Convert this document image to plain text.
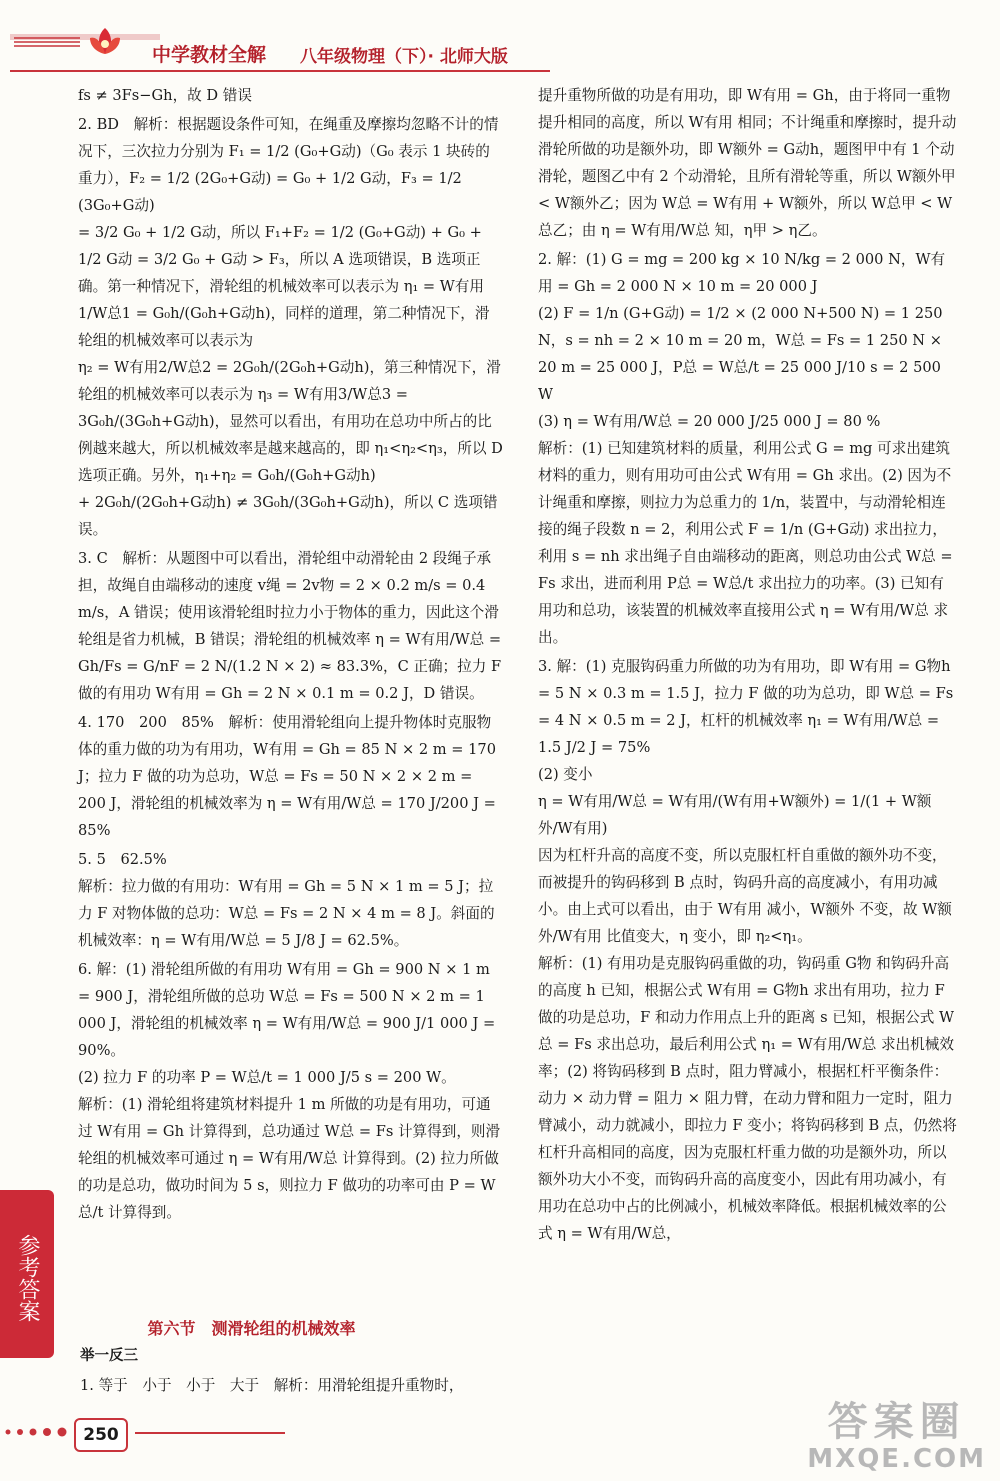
中学教材全解 八年级物理（下）· 北师大版

fs ≠ 3Fs−Gh，故 D 错误

2. BD　解析：根据题设条件可知，在绳重及摩擦均忽略不计的情况下，三次拉力分别为 F₁ = 1/2 (G₀+G动)（G₀ 表示 1 块砖的重力），F₂ = 1/2 (2G₀+G动) = G₀ + 1/2 G动，F₃ = 1/2 (3G₀+G动)

= 3/2 G₀ + 1/2 G动，所以 F₁+F₂ = 1/2 (G₀+G动) + G₀ + 1/2 G动 = 3/2 G₀ + G动 > F₃，所以 A 选项错误，B 选项正确。第一种情况下，滑轮组的机械效率可以表示为 η₁ = W有用1/W总1 = G₀h/(G₀h+G动h)，同样的道理，第二种情况下，滑轮组的机械效率可以表示为

η₂ = W有用2/W总2 = 2G₀h/(2G₀h+G动h)，第三种情况下，滑轮组的机械效率可以表示为 η₃ = W有用3/W总3 = 3G₀h/(3G₀h+G动h)，显然可以看出，有用功在总功中所占的比例越来越大，所以机械效率是越来越高的，即 η₁<η₂<η₃，所以 D 选项正确。另外，η₁+η₂ = G₀h/(G₀h+G动h)

+ 2G₀h/(2G₀h+G动h) ≠ 3G₀h/(3G₀h+G动h)，所以 C 选项错误。

3. C　解析：从题图中可以看出，滑轮组中动滑轮由 2 段绳子承担，故绳自由端移动的速度 v绳 = 2v物 = 2 × 0.2 m/s = 0.4 m/s，A 错误；使用该滑轮组时拉力小于物体的重力，因此这个滑轮组是省力机械，B 错误；滑轮组的机械效率 η = W有用/W总 = Gh/Fs = G/nF = 2 N/(1.2 N × 2) ≈ 83.3%，C 正确；拉力 F 做的有用功 W有用 = Gh = 2 N × 0.1 m = 0.2 J，D 错误。

4. 170　200　85%　解析：使用滑轮组向上提升物体时克服物体的重力做的功为有用功，W有用 = Gh = 85 N × 2 m = 170 J；拉力 F 做的功为总功，W总 = Fs = 50 N × 2 × 2 m = 200 J，滑轮组的机械效率为 η = W有用/W总 = 170 J/200 J = 85%

5. 5　62.5%

解析：拉力做的有用功：W有用 = Gh = 5 N × 1 m = 5 J；拉力 F 对物体做的总功：W总 = Fs = 2 N × 4 m = 8 J。斜面的机械效率：η = W有用/W总 = 5 J/8 J = 62.5%。

6. 解：(1) 滑轮组所做的有用功 W有用 = Gh = 900 N × 1 m = 900 J，滑轮组所做的总功 W总 = Fs = 500 N × 2 m = 1 000 J，滑轮组的机械效率 η = W有用/W总 = 900 J/1 000 J = 90%。

(2) 拉力 F 的功率 P = W总/t = 1 000 J/5 s = 200 W。

解析：(1) 滑轮组将建筑材料提升 1 m 所做的功是有用功，可通过 W有用 = Gh 计算得到，总功通过 W总 = Fs 计算得到，则滑轮组的机械效率可通过 η = W有用/W总 计算得到。(2) 拉力所做的功是总功，做功时间为 5 s，则拉力 F 做功的功率可由 P = W总/t 计算得到。

第六节　测滑轮组的机械效率
举一反三
1. 等于　小于　小于　大于　解析：用滑轮组提升重物时，

提升重物所做的功是有用功，即 W有用 = Gh，由于将同一重物提升相同的高度，所以 W有用 相同；不计绳重和摩擦时，提升动滑轮所做的功是额外功，即 W额外 = G动h，题图甲中有 1 个动滑轮，题图乙中有 2 个动滑轮，且所有滑轮等重，所以 W额外甲 < W额外乙；因为 W总 = W有用 + W额外，所以 W总甲 < W总乙；由 η = W有用/W总 知，η甲 > η乙。

2. 解：(1) G = mg = 200 kg × 10 N/kg = 2 000 N，W有用 = Gh = 2 000 N × 10 m = 20 000 J

(2) F = 1/n (G+G动) = 1/2 × (2 000 N+500 N) = 1 250 N，s = nh = 2 × 10 m = 20 m，W总 = Fs = 1 250 N × 20 m = 25 000 J，P总 = W总/t = 25 000 J/10 s = 2 500 W

(3) η = W有用/W总 = 20 000 J/25 000 J = 80 %

解析：(1) 已知建筑材料的质量，利用公式 G = mg 可求出建筑材料的重力，则有用功可由公式 W有用 = Gh 求出。(2) 因为不计绳重和摩擦，则拉力为总重力的 1/n，装置中，与动滑轮相连接的绳子段数 n = 2，利用公式 F = 1/n (G+G动) 求出拉力，利用 s = nh 求出绳子自由端移动的距离，则总功由公式 W总 = Fs 求出，进而利用 P总 = W总/t 求出拉力的功率。(3) 已知有用功和总功，该装置的机械效率直接用公式 η = W有用/W总 求出。

3. 解：(1) 克服钩码重力所做的功为有用功，即 W有用 = G物h = 5 N × 0.3 m = 1.5 J，拉力 F 做的功为总功，即 W总 = Fs = 4 N × 0.5 m = 2 J，杠杆的机械效率 η₁ = W有用/W总 = 1.5 J/2 J = 75%

(2) 变小

η = W有用/W总 = W有用/(W有用+W额外) = 1/(1 + W额外/W有用)

因为杠杆升高的高度不变，所以克服杠杆自重做的额外功不变，而被提升的钩码移到 B 点时，钩码升高的高度减小，有用功减小。由上式可以看出，由于 W有用 减小，W额外 不变，故 W额外/W有用 比值变大，η 变小，即 η₂<η₁。

解析：(1) 有用功是克服钩码重做的功，钩码重 G物 和钩码升高的高度 h 已知，根据公式 W有用 = G物h 求出有用功，拉力 F 做的功是总功，F 和动力作用点上升的距离 s 已知，根据公式 W总 = Fs 求出总功，最后利用公式 η₁ = W有用/W总 求出机械效率；(2) 将钩码移到 B 点时，阻力臂减小，根据杠杆平衡条件：动力 × 动力臂 = 阻力 × 阻力臂，在动力臂和阻力一定时，阻力臂减小，动力就减小，即拉力 F 变小；将钩码移到 B 点，仍然将杠杆升高相同的高度，因为克服杠杆重力做的功是额外功，所以额外功大小不变，而钩码升高的高度变小，因此有用功减小，有用功在总功中占的比例减小，机械效率降低。根据机械效率的公式 η = W有用/W总，

参考答案
250	答案圈
MXQE.COM
